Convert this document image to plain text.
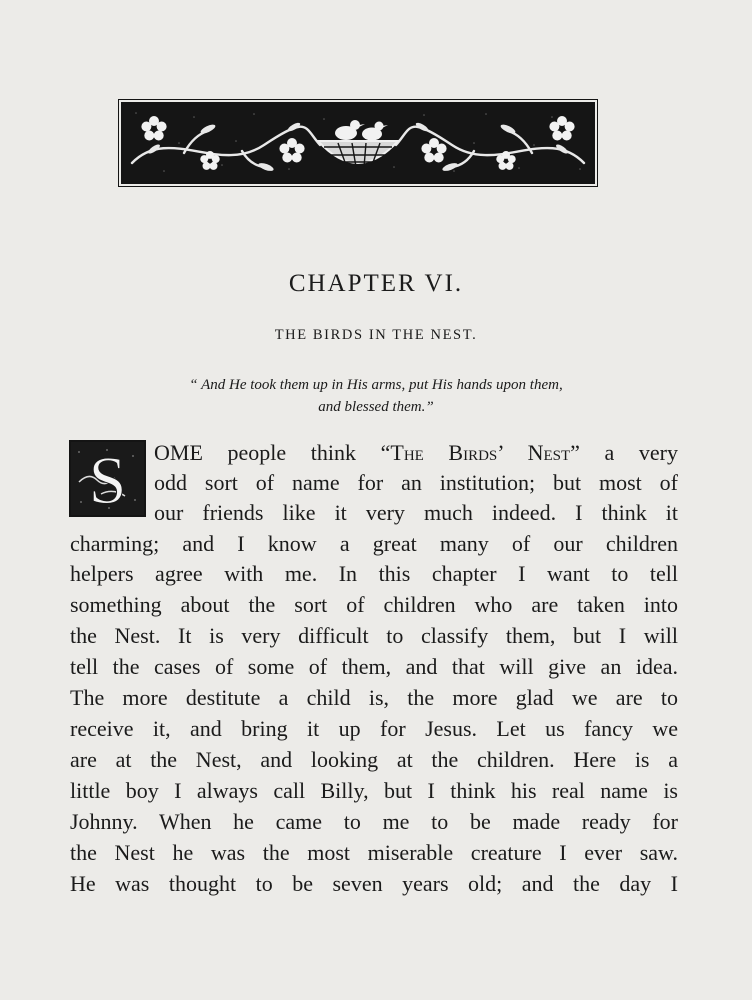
CHAPTER VI.
THE BIRDS IN THE NEST.

“ And He took them up in His arms, put His hands upon them,
and blessed them.”

S OME people think “The Birds’ Nest” a very
odd sort of name for an institution; but most of
our friends like it very much indeed. I think it
charming; and I know a great many of our children
helpers agree with me. In this chapter I want to tell
something about the sort of children who are taken into
the Nest. It is very difficult to classify them, but I will
tell the cases of some of them, and that will give an idea.
The more destitute a child is, the more glad we are to
receive it, and bring it up for Jesus. Let us fancy we
are at the Nest, and looking at the children. Here is a
little boy I always call Billy, but I think his real name is
Johnny. When he came to me to be made ready for
the Nest he was the most miserable creature I ever saw.
He was thought to be seven years old; and the day I
